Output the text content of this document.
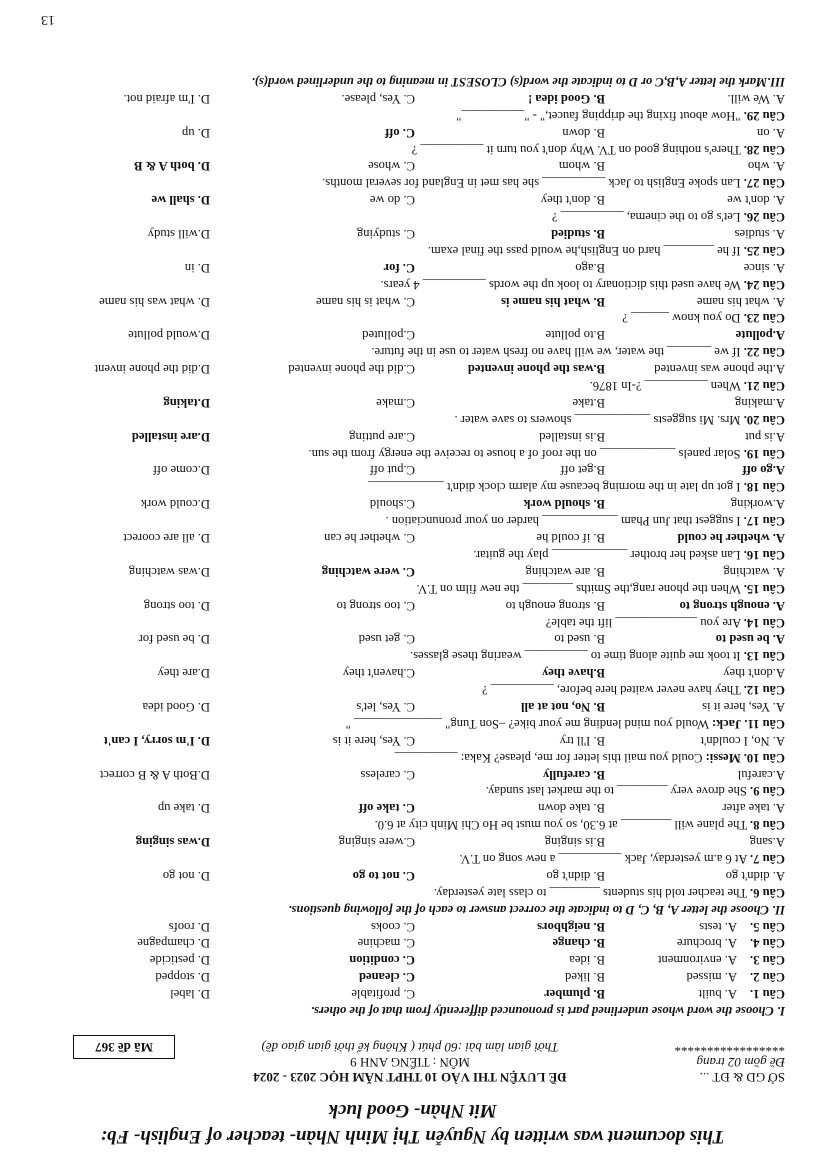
This document was written by Nguyễn Thị Minh Nhàn- teacher of English- Fb:
Mit Nhàn- Good luck
SỞ GD & ĐT ...
Đề gồm 02 trang
*****************
ĐỀ LUYỆN THI VÀO 10 THPT NĂM HỌC 2023 - 2024
MÔN : TIẾNG ANH 9
Thời gian làm bài :60 phút ( Không kể thời gian giao đề)
Mã đề 367
I. Choose the word whose underlined part is pronounced differently from that of the others.
Câu 1.
A. built
B. plumber
C. profitable
D. label
Câu 2.
A. missed
B. liked
C. cleaned
D. stopped
Câu 3.
A. environment
B. idea
C. condition
D. pesticide
Câu 4.
A. brochure
B. change
C. machine
D. champagne
Câu 5.
A. tests
B. neighbors
C. cooks
D. roofs
II. Choose the letter A, B, C, D to indicate the correct answer to each of the following questions.
Câu 6. The teacher told his students ________ to class late yesterday.
A. didn't go
B. didn't go
C. not to go
D. not go
Câu 7. At 6 a.m yesterday, Jack __________ a new song on T.V.
A.sang
B.is singing
C.were singing
D.was singing
Câu 8. The plane will ________ at 6.30, so you must be Ho Chi Minh city at 6.0.
A. take after
B. take down
C. take off
D. take up
Câu 9. She drove very ________ to the market last sunday.
A.careful
B. carefully
C. careless
D.Both A & B correct
Câu 10. Messi: Could you mail this letter for me, please? Kaka: __________
A. No, I couldn't
B. I'll try
C. Yes, here it is
D. I'm sorry, I can't
Câu 11. Jack: Would you mind lending me your bike? –Son Tung" ______________ "
A. Yes, here it is
B. No, not at all
C. Yes, let's
D. Good idea
Câu 12. They have never waited here before, __________ ?
A.don't they
B.have they
C.haven't they
D.are they
Câu 13. It took me quite along time to __________ wearing these glasses.
A. be used to
B. used to
C. get used
D. be used for
Câu 14. Are you _____________ lift the table?
A. enough strong to
B. strong enough to
C. too strong to
D. too strong
Câu 15. When the phone rang,the Smiths ________ the new film on T.V.
A. watching
B. are watching
C. were watching
D.was watching
Câu 16. Lan asked her brother ____________ play the guitar.
A. whether he could
B. if could he
C. whether he can
D. all are coorect
Câu 17. I suggest that Jun Pham ____________ harder on your pronunciation .
A.working
B. should work
C.should
D.could work
Câu 18. I got up late in the morning because my alarm clock didn't ____________
A.go off
B.get off
C.put off
D.come off
Câu 19. Solar panels ____________ on the roof of a house to receive the energy from the sun.
A.is put
B.is installed
C.are putting
D.are installed
Câu 20. Mrs. Mi suggests ____________ showers to save water .
A.making
B.take
C.make
D.taking
Câu 21. When __________ ?-In 1876.
A.the phone was invented
B.was the phone invented
C.did the phone invented
D.did the phone invent
Câu 22. If we _______ the water, we will have no fresh water to use in the future.
A.pollute
B.to pollute
C.polluted
D.would pollute
Câu 23. Do you know ______ ?
A. what his name
B. what his name is
C. what is his name
D. what was his name
Câu 24. We have used this dictionary to look up the words __________ 4 years.
A. since
B.ago
C. for
D. in
Câu 25. If he ________ hard on English,he would pass the final exam.
A. studies
B. studied
C. studying
D.will study
Câu 26. Let's go to the cinema, __________ ?
A. don't we
B. don't they
C. do we
D. shall we
Câu 27. Lan spoke English to Jack __________ she has met in England for several months.
A. who
B. whom
C. whose
D. both A & B
Câu 28. There's nothing good on TV. Why don't you turn it __________ ?
A. on
B. down
C. off
D. up
Câu 29. "How about fixing the dripping faucet," - "__________"
A. We will.
B. Good idea !
C. Yes, please.
D. I'm afraid not.
III.Mark the letter A,B,C or D to indicate the word(s) CLOSEST in meaning to the underlined word(s).
13
